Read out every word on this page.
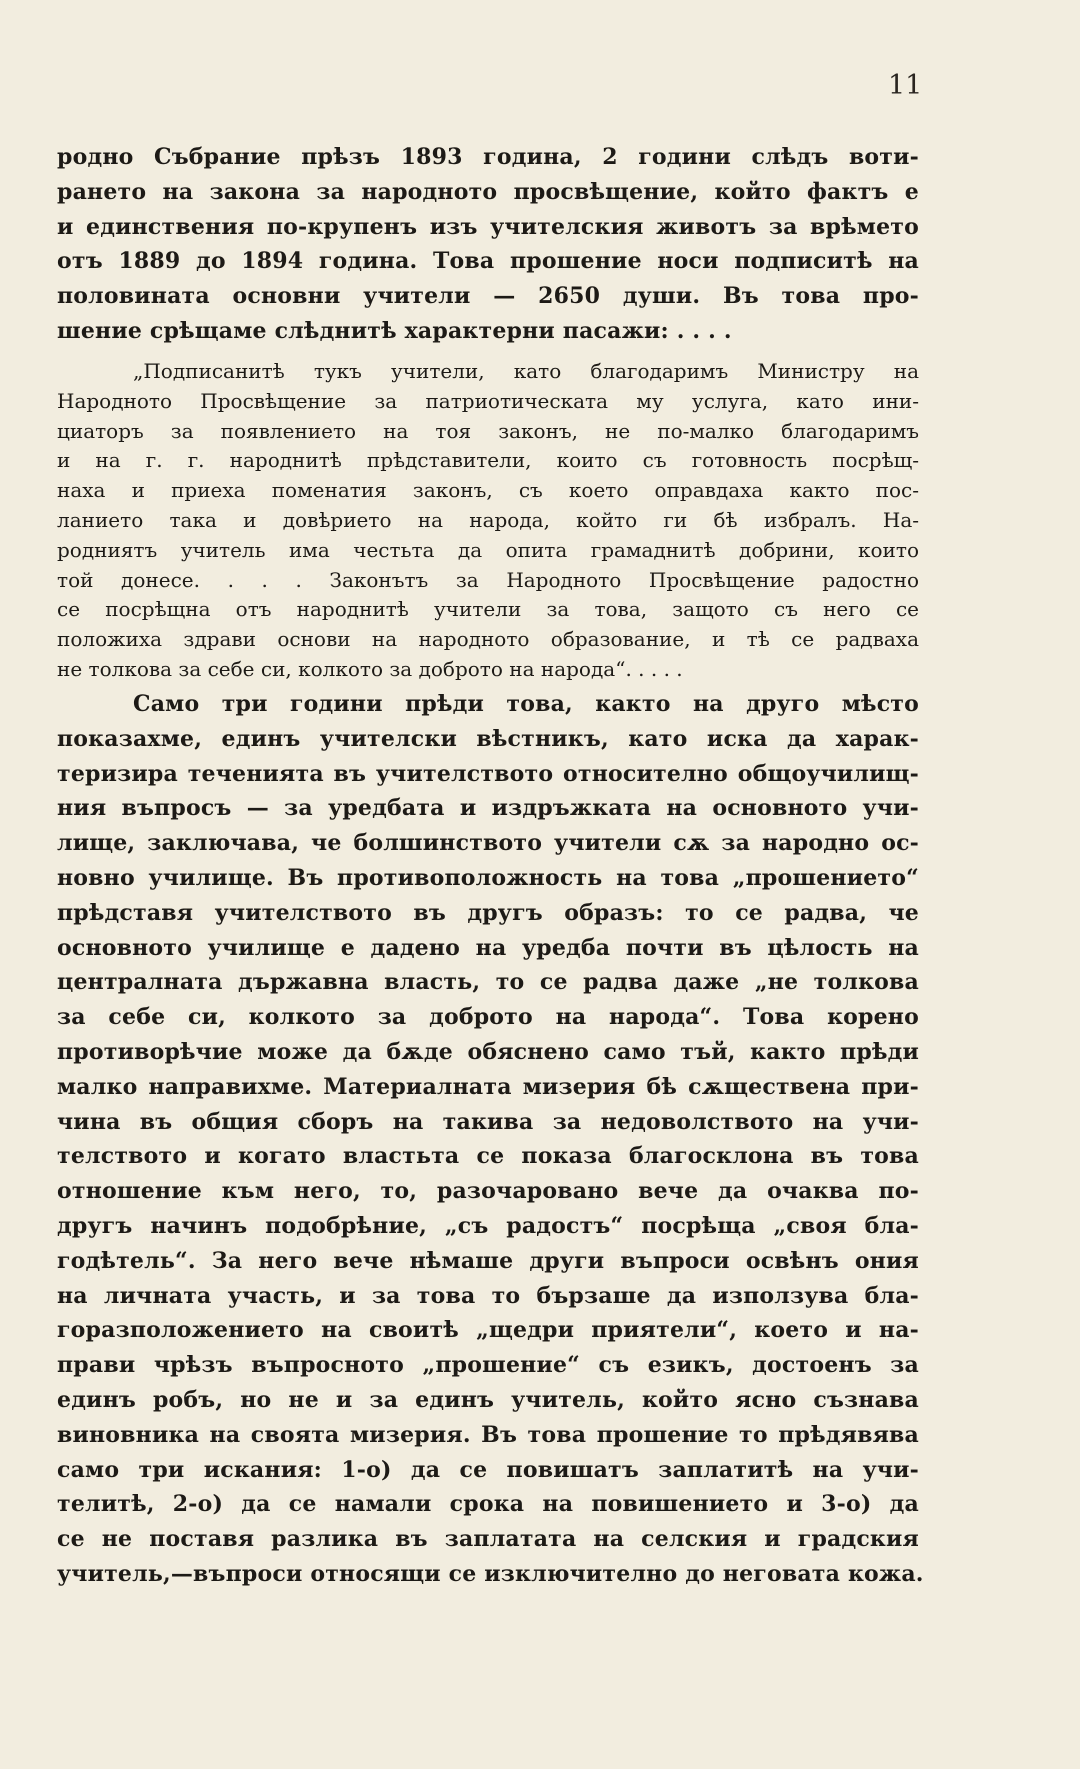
11
родно Събрание прѣзъ 1893 година, 2 години слѣдъ воти-
рането на закона за народното просвѣщение, който фактъ е
и единствения по-крупенъ изъ учителския животъ за врѣмето
отъ 1889 до 1894 година. Това прошение носи подписитѣ на
половината основни учители — 2650 души. Въ това про-
шение срѣщаме слѣднитѣ характерни пасажи: . . . .
„Подписанитѣ тукъ учители, като благодаримъ Министру на
Народното Просвѣщение за патриотическата му услуга, като ини-
циаторъ за появлението на тоя законъ, не по-малко благодаримъ
и на г. г. народнитѣ прѣдставители, които съ готовность посрѣщ-
наха и приеха поменатия законъ, съ което оправдаха както пос-
ланието така и довѣрието на народа, който ги бѣ избралъ. На-
родниятъ учитель има честьта да опита грамаднитѣ добрини, които
той донесе. . . . Законътъ за Народното Просвѣщение радостно
се посрѣщна отъ народнитѣ учители за това, защото съ него се
положиха здрави основи на народното образование, и тѣ се радваха
не толкова за себе си, колкото за доброто на народа“. . . . .
Само три години прѣди това, както на друго мѣсто
показахме, единъ учителски вѣстникъ, като иска да харак-
теризира теченията въ учителството относително общоучилищ-
ния въпросъ — за уредбата и издръжката на основното учи-
лище, заключава, че болшинството учители сѫ за народно ос-
новно училище. Въ противоположность на това „прошението“
прѣдставя учителството въ другъ образъ: то се радва, че
основното училище е дадено на уредба почти въ цѣлость на
централната държавна власть, то се радва даже „не толкова
за себе си, колкото за доброто на народа“. Това корено
противорѣчие може да бѫде обяснено само тъй, както прѣди
малко направихме. Материалната мизерия бѣ сѫществена при-
чина въ общия сборъ на такива за недоволството на учи-
телството и когато властьта се показа благосклона въ това
отношение към него, то, разочаровано вече да очаква по-
другъ начинъ подобрѣние, „съ радостъ“ посрѣща „своя бла-
годѣтель“. За него вече нѣмаше други въпроси освѣнъ ония
на личната участь, и за това то бързаше да използува бла-
горазположението на своитѣ „щедри приятели“, което и на-
прави чрѣзъ въпросното „прошение“ съ езикъ, достоенъ за
единъ робъ, но не и за единъ учитель, който ясно съзнава
виновника на своята мизерия. Въ това прошение то прѣдявява
само три искания: 1-о) да се повишатъ заплатитѣ на учи-
телитѣ, 2-о) да се намали срока на повишението и 3-о) да
се не поставя разлика въ заплатата на селския и градския
учитель,—въпроси относящи се изключително до неговата кожа.
